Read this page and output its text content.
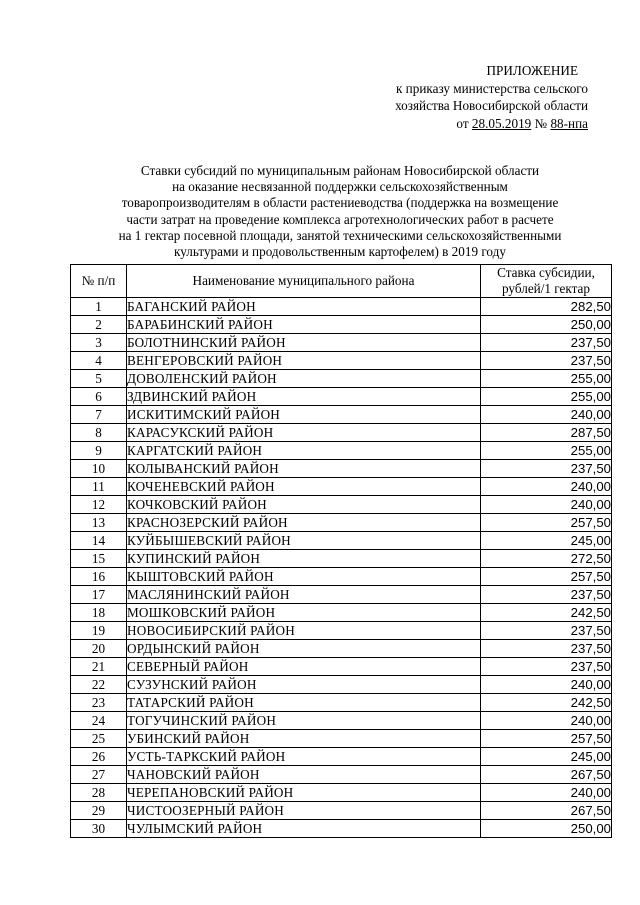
ПРИЛОЖЕНИЕ
к приказу министерства сельского
хозяйства Новосибирской области
от 28.05.2019 № 88-нпа
Ставки субсидий по муниципальным районам Новосибирской области
на оказание несвязанной поддержки сельскохозяйственным
товаропроизводителям в области растениеводства (поддержка на возмещение
части затрат на проведение комплекса агротехнологических работ в расчете
на 1 гектар посевной площади, занятой техническими сельскохозяйственными
культурами и продовольственным картофелем) в 2019 году
№ п/п	Наименование муниципального района	Ставка субсидии,
рублей/1 гектар
1	БАГАНСКИЙ РАЙОН	282,50
2	БАРАБИНСКИЙ РАЙОН	250,00
3	БОЛОТНИНСКИЙ РАЙОН	237,50
4	ВЕНГЕРОВСКИЙ РАЙОН	237,50
5	ДОВОЛЕНСКИЙ РАЙОН	255,00
6	ЗДВИНСКИЙ РАЙОН	255,00
7	ИСКИТИМСКИЙ РАЙОН	240,00
8	КАРАСУКСКИЙ РАЙОН	287,50
9	КАРГАТСКИЙ РАЙОН	255,00
10	КОЛЫВАНСКИЙ РАЙОН	237,50
11	КОЧЕНЕВСКИЙ РАЙОН	240,00
12	КОЧКОВСКИЙ РАЙОН	240,00
13	КРАСНОЗЕРСКИЙ РАЙОН	257,50
14	КУЙБЫШЕВСКИЙ РАЙОН	245,00
15	КУПИНСКИЙ РАЙОН	272,50
16	КЫШТОВСКИЙ РАЙОН	257,50
17	МАСЛЯНИНСКИЙ РАЙОН	237,50
18	МОШКОВСКИЙ РАЙОН	242,50
19	НОВОСИБИРСКИЙ РАЙОН	237,50
20	ОРДЫНСКИЙ РАЙОН	237,50
21	СЕВЕРНЫЙ РАЙОН	237,50
22	СУЗУНСКИЙ РАЙОН	240,00
23	ТАТАРСКИЙ РАЙОН	242,50
24	ТОГУЧИНСКИЙ РАЙОН	240,00
25	УБИНСКИЙ РАЙОН	257,50
26	УСТЬ-ТАРКСКИЙ РАЙОН	245,00
27	ЧАНОВСКИЙ РАЙОН	267,50
28	ЧЕРЕПАНОВСКИЙ РАЙОН	240,00
29	ЧИСТООЗЕРНЫЙ РАЙОН	267,50
30	ЧУЛЫМСКИЙ РАЙОН	250,00
